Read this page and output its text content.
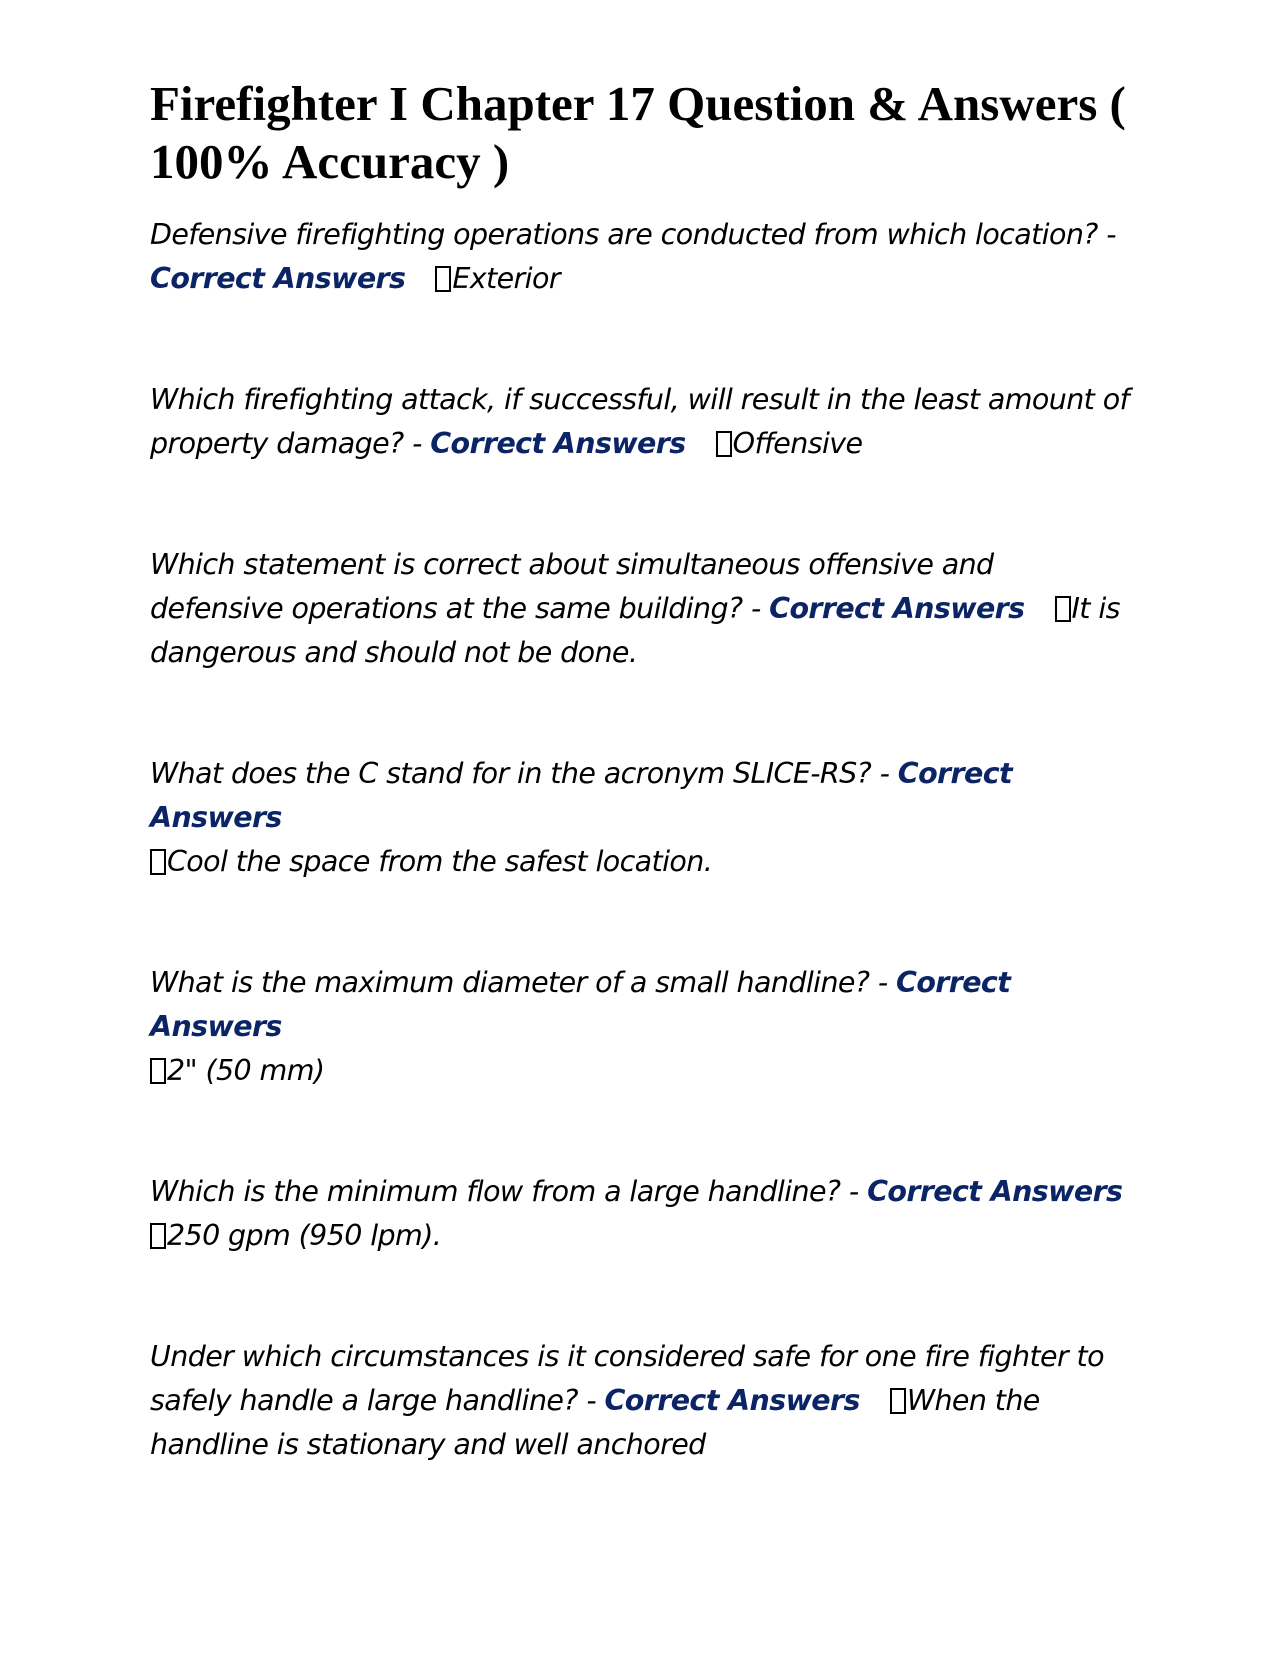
Firefighter I Chapter 17 Question & Answers ( 100% Accuracy )

Defensive firefighting operations are conducted from which location? -
Correct Answers Exterior

Which firefighting attack, if successful, will result in the least amount of property damage? - Correct Answers Offensive

Which statement is correct about simultaneous offensive and defensive operations at the same building? - Correct Answers It is dangerous and should not be done.

What does the C stand for in the acronym SLICE-RS? - Correct Answers
Cool the space from the safest location.

What is the maximum diameter of a small handline? - Correct Answers
2" (50 mm)

Which is the minimum flow from a large handline? - Correct Answers
250 gpm (950 lpm).

Under which circumstances is it considered safe for one fire fighter to safely handle a large handline? - Correct Answers When the handline is stationary and well anchored
